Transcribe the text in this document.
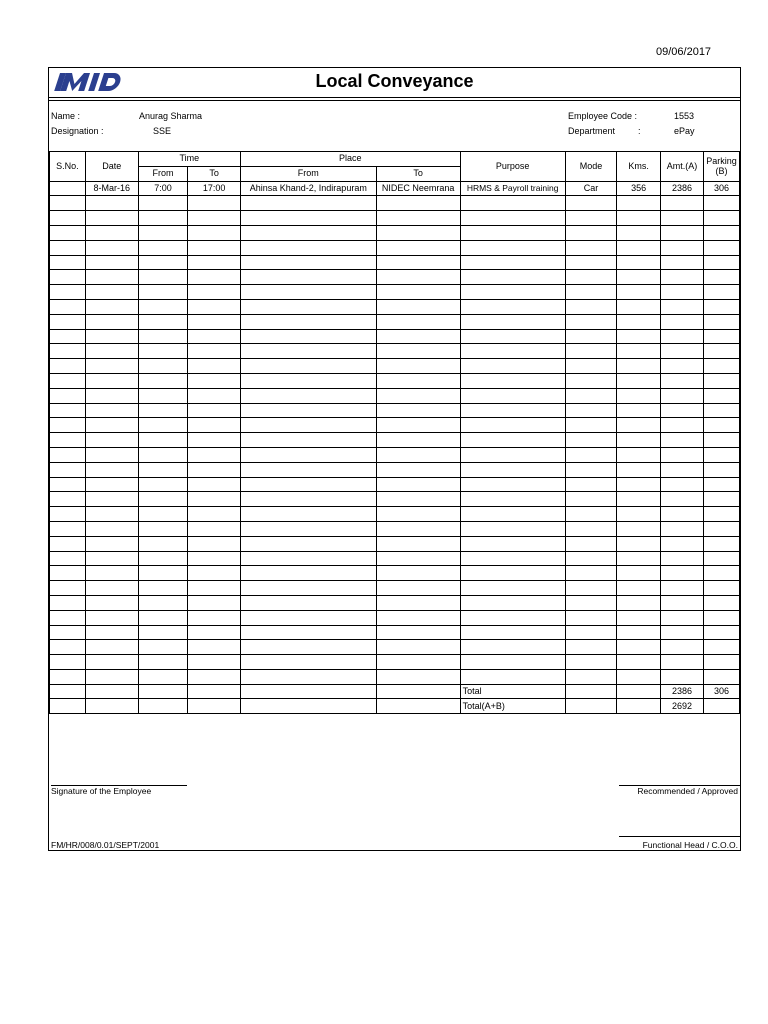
09/06/2017
Local Conveyance
Name :	Anurag Sharma
Designation :	SSE
Employee Code :	1553
Department	:	ePay
S.No.	Date	Time		Place		Purpose	Mode	Kms.	Amt.(A)	Parking (B)
		From	To	From	To					
	8-Mar-16	7:00	17:00	Ahinsa Khand-2, Indirapuram	NIDEC Neemrana	HRMS & Payroll training	Car	356	2386	306

						Total			2386	306
						Total(A+B)			2692	
Signature of the Employee	Recommended / Approved
FM/HR/008/0.01/SEPT/2001	Functional Head / C.O.O.
